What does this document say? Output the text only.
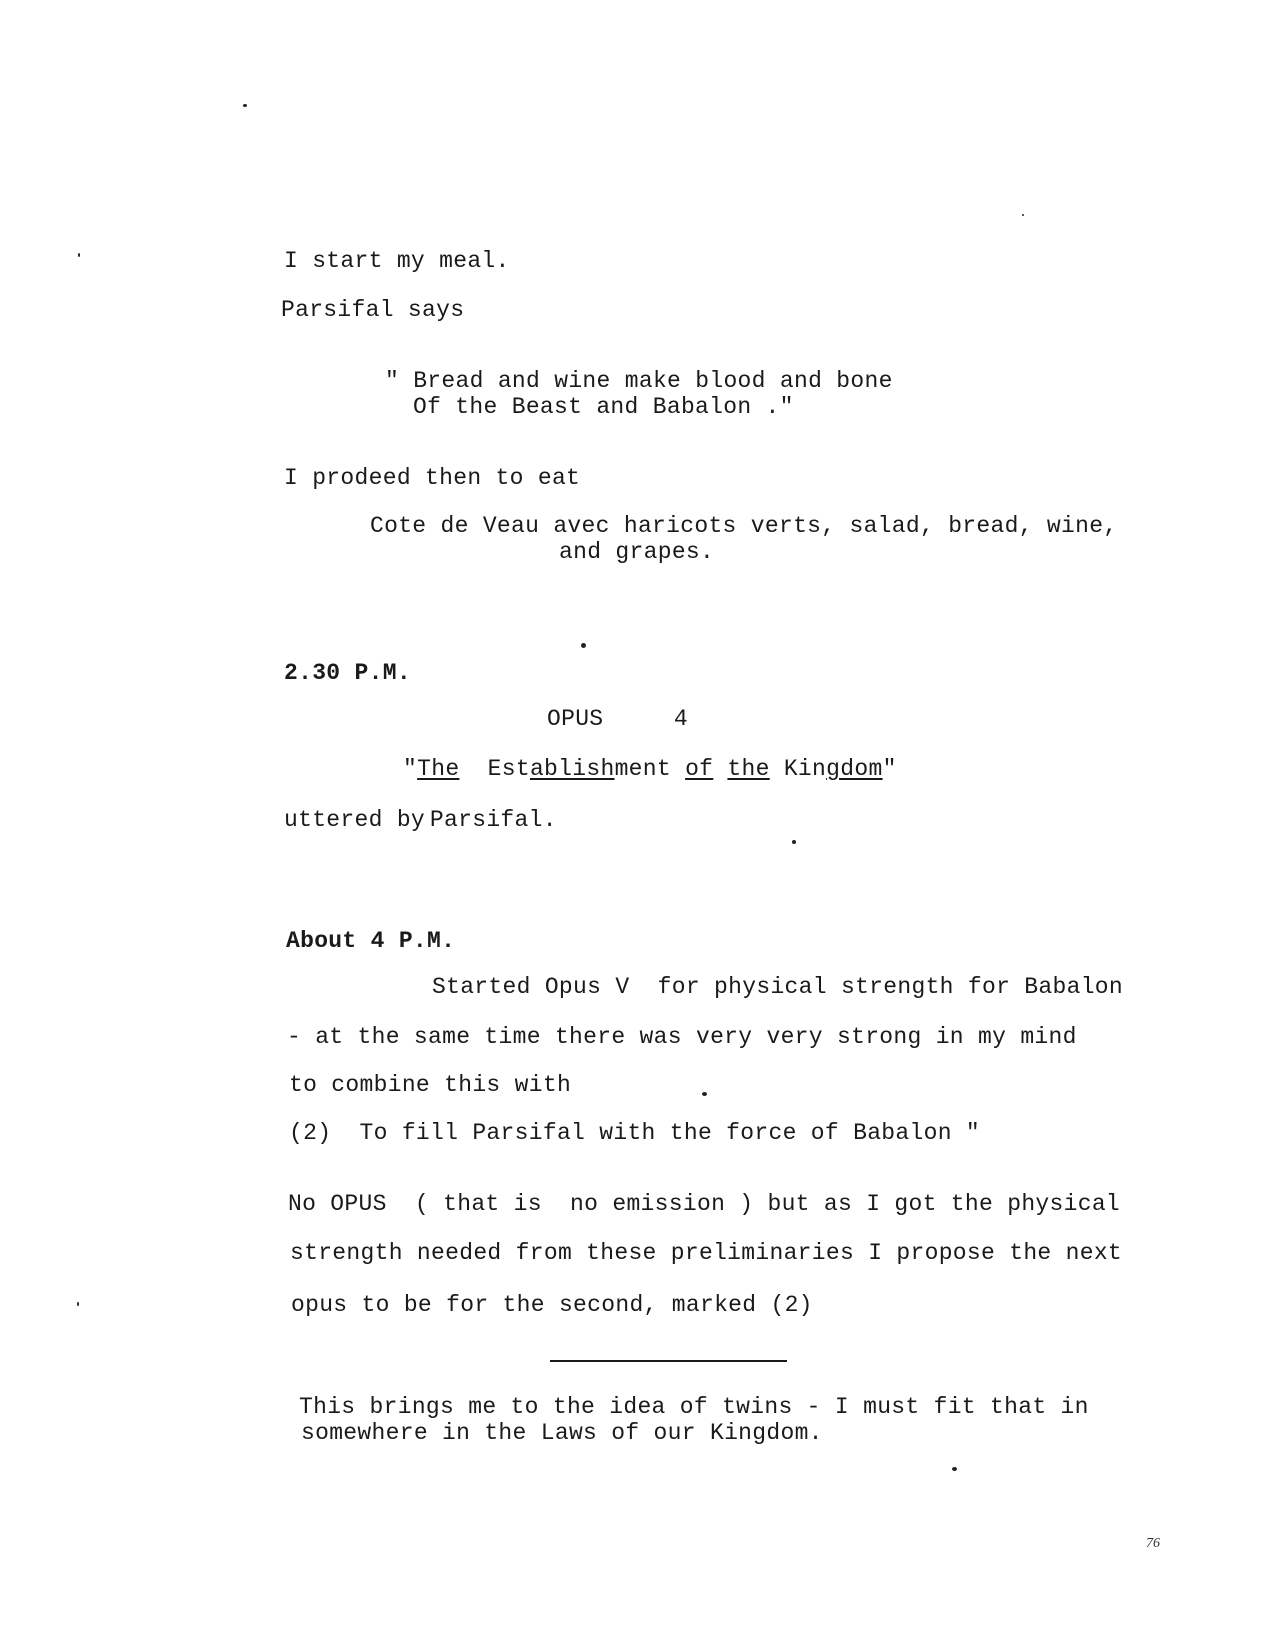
I start my meal.
Parsifal says
" Bread and wine make blood and bone
Of the Beast and Babalon ."
I prodeed then to eat
Cote de Veau avec haricots verts, salad, bread, wine,
and grapes.
2.30 P.M.
OPUS     4
"The  Establishment of the Kingdom"
uttered by Parsifal.
About 4 P.M.
Started Opus V  for physical strength for Babalon
- at the same time there was very very strong in my mind
to combine this with
(2)  To fill Parsifal with the force of Babalon "
No OPUS  ( that is  no emission ) but as I got the physical
strength needed from these preliminaries I propose the next
opus to be for the second, marked (2)
This brings me to the idea of twins - I must fit that in
somewhere in the Laws of our Kingdom.
76
